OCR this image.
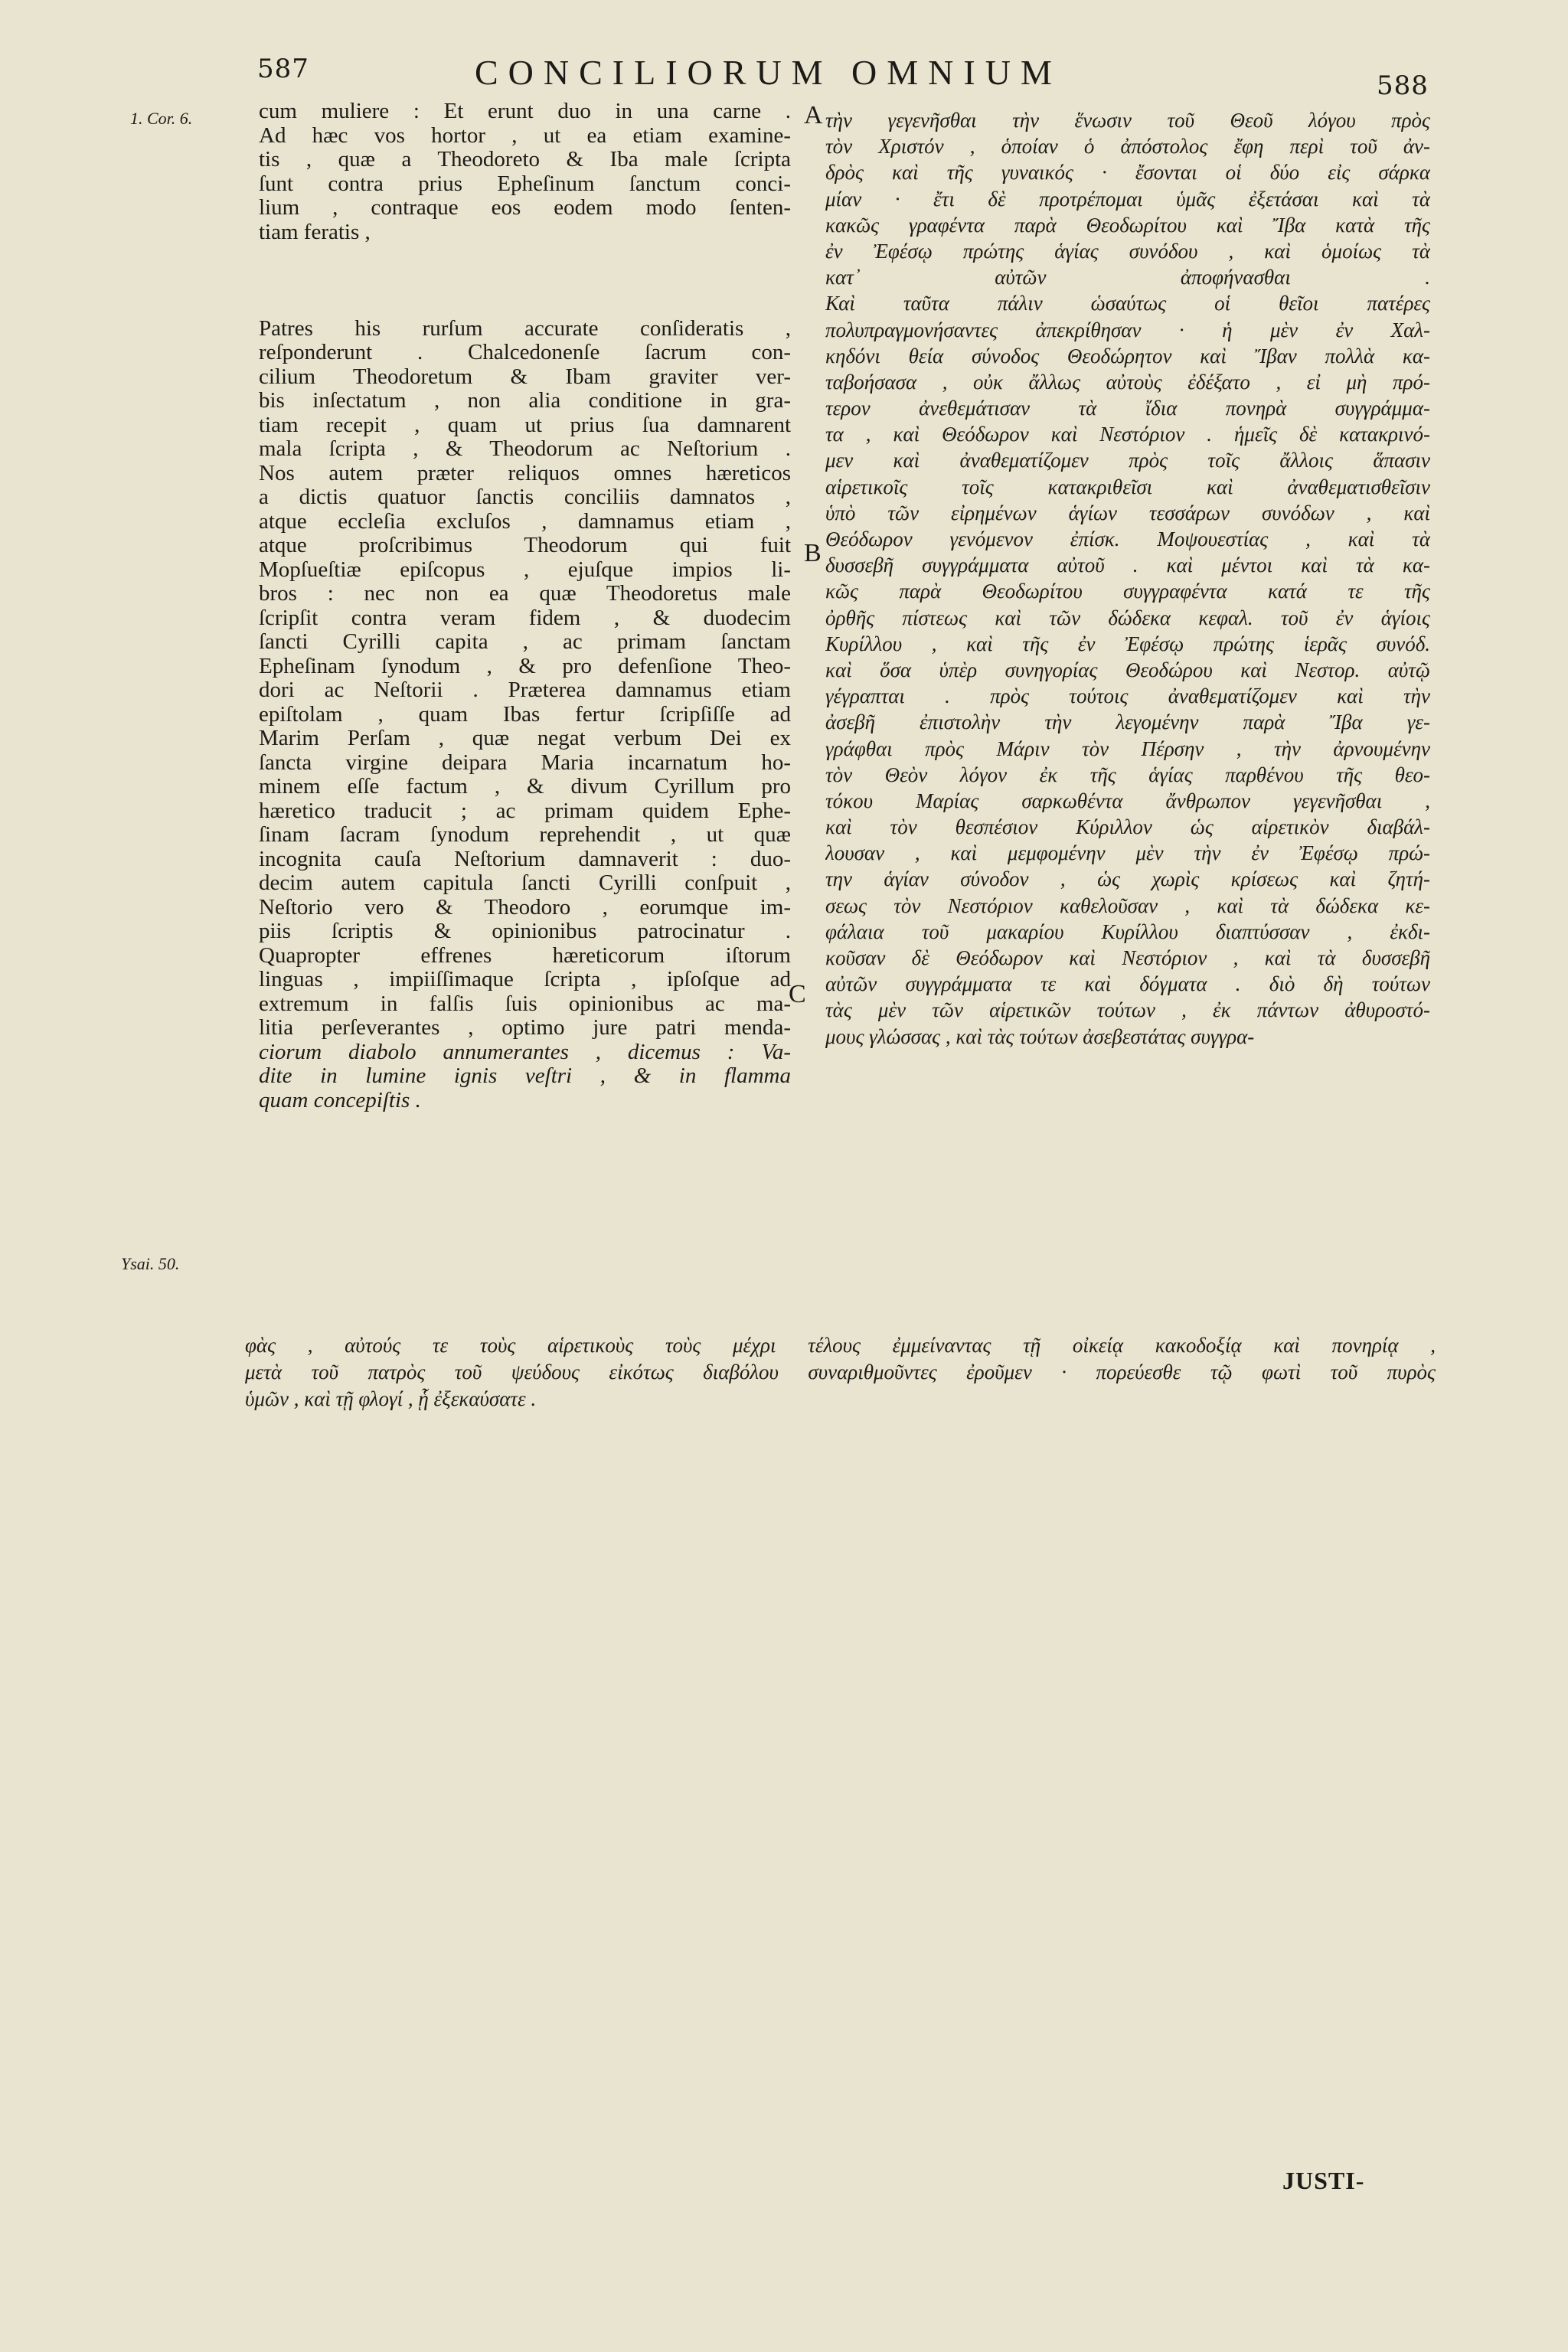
587	CONCILIORUM OMNIUM	588
1. Cor. 6.
Ysai. 50.
A
B
C
cum muliere : Et erunt duo in una carne .
Ad hæc vos hortor , ut ea etiam examine-
tis , quæ a Theodoreto & Iba male ſcripta
ſunt contra prius Epheſinum ſanctum conci-
lium , contraque eos eodem modo ſenten-
tiam feratis ,
Patres his rurſum accurate conſideratis ,
reſponderunt . Chalcedonenſe ſacrum con-
cilium Theodoretum & Ibam graviter ver-
bis inſectatum , non alia conditione in gra-
tiam recepit , quam ut prius ſua damnarent
mala ſcripta , & Theodorum ac Neſtorium .
Nos autem præter reliquos omnes hæreticos
a dictis quatuor ſanctis conciliis damnatos ,
atque eccleſia excluſos , damnamus etiam ,
atque proſcribimus Theodorum qui fuit
Mopſueſtiæ epiſcopus , ejuſque impios li-
bros : nec non ea quæ Theodoretus male
ſcripſit contra veram fidem , & duodecim
ſancti Cyrilli capita , ac primam ſanctam
Epheſinam ſynodum , & pro defenſione Theo-
dori ac Neſtorii . Præterea damnamus etiam
epiſtolam , quam Ibas fertur ſcripſiſſe ad
Marim Perſam , quæ negat verbum Dei ex
ſancta virgine deipara Maria incarnatum ho-
minem eſſe factum , & divum Cyrillum pro
hæretico traducit ; ac primam quidem Ephe-
ſinam ſacram ſynodum reprehendit , ut quæ
incognita cauſa Neſtorium damnaverit : duo-
decim autem capitula ſancti Cyrilli conſpuit ,
Neſtorio vero & Theodoro , eorumque im-
piis ſcriptis & opinionibus patrocinatur .
Quapropter effrenes hæreticorum iſtorum
linguas , impiiſſimaque ſcripta , ipſoſque ad
extremum in falſis ſuis opinionibus ac ma-
litia perſeverantes , optimo jure patri menda-
ciorum diabolo annumerantes , dicemus : Va-
dite in lumine ignis veſtri , & in flamma
quam concepiſtis .
τὴν γεγενῆσθαι τὴν ἕνωσιν τοῦ Θεοῦ λόγου πρὸς
τὸν Χριστόν , ὁποίαν ὁ ἀπόστολος ἔφη περὶ τοῦ ἀν-
δρὸς καὶ τῆς γυναικός · ἔσονται οἱ δύο εἰς σάρκα
μίαν · ἔτι δὲ προτρέπομαι ὑμᾶς ἐξετάσαι καὶ τὰ
κακῶς γραφέντα παρὰ Θεοδωρίτου καὶ Ἴβα κατὰ τῆς
ἐν Ἐφέσῳ πρώτης ἁγίας συνόδου , καὶ ὁμοίως τὰ
κατ᾽ αὐτῶν ἀποφήνασθαι .
Καὶ ταῦτα πάλιν ὡσαύτως οἱ θεῖοι πατέρες
πολυπραγμονήσαντες ἀπεκρίθησαν · ἡ μὲν ἐν Χαλ-
κηδόνι θεία σύνοδος Θεοδώρητον καὶ Ἴβαν πολλὰ κα-
ταβοήσασα , οὐκ ἄλλως αὐτοὺς ἐδέξατο , εἰ μὴ πρό-
τερον ἀνεθεμάτισαν τὰ ἴδια πονηρὰ συγγράμμα-
τα , καὶ Θεόδωρον καὶ Νεστόριον . ἡμεῖς δὲ κατακρινό-
μεν καὶ ἀναθεματίζομεν πρὸς τοῖς ἄλλοις ἅπασιν
αἱρετικοῖς τοῖς κατακριθεῖσι καὶ ἀναθεματισθεῖσιν
ὑπὸ τῶν εἰρημένων ἁγίων τεσσάρων συνόδων , καὶ
Θεόδωρον γενόμενον ἐπίσκ. Μοψουεστίας , καὶ τὰ
δυσσεβῆ συγγράμματα αὐτοῦ . καὶ μέντοι καὶ τὰ κα-
κῶς παρὰ Θεοδωρίτου συγγραφέντα κατά τε τῆς
ὀρθῆς πίστεως καὶ τῶν δώδεκα κεφαλ. τοῦ ἐν ἁγίοις
Κυρίλλου , καὶ τῆς ἐν Ἐφέσῳ πρώτης ἱερᾶς συνόδ.
καὶ ὅσα ὑπὲρ συνηγορίας Θεοδώρου καὶ Νεστορ. αὐτῷ
γέγραπται . πρὸς τούτοις ἀναθεματίζομεν καὶ τὴν
ἀσεβῆ ἐπιστολὴν τὴν λεγομένην παρὰ Ἴβα γε-
γράφθαι πρὸς Μάριν τὸν Πέρσην , τὴν ἀρνουμένην
τὸν Θεὸν λόγον ἐκ τῆς ἁγίας παρθένου τῆς θεο-
τόκου Μαρίας σαρκωθέντα ἄνθρωπον γεγενῆσθαι ,
καὶ τὸν θεσπέσιον Κύριλλον ὡς αἱρετικὸν διαβάλ-
λουσαν , καὶ μεμφομένην μὲν τὴν ἐν Ἐφέσῳ πρώ-
την ἁγίαν σύνοδον , ὡς χωρὶς κρίσεως καὶ ζητή-
σεως τὸν Νεστόριον καθελοῦσαν , καὶ τὰ δώδεκα κε-
φάλαια τοῦ μακαρίου Κυρίλλου διαπτύσσαν , ἐκδι-
κοῦσαν δὲ Θεόδωρον καὶ Νεστόριον , καὶ τὰ δυσσεβῆ
αὐτῶν συγγράμματα τε καὶ δόγματα . διὸ δὴ τούτων
τὰς μὲν τῶν αἱρετικῶν τούτων , ἐκ πάντων ἀθυροστό-
μους γλώσσας , καὶ τὰς τούτων ἀσεβεστάτας συγγρα-
φὰς , αὐτούς τε τοὺς αἱρετικοὺς τοὺς μέχρι τέλους ἐμμείναντας τῇ οἰκείᾳ κακοδοξίᾳ καὶ πονηρίᾳ ,
μετὰ τοῦ πατρὸς τοῦ ψεύδους εἰκότως διαβόλου συναριθμοῦντες ἐροῦμεν · πορεύεσθε τῷ φωτὶ τοῦ πυρὸς
ὑμῶν , καὶ τῇ φλογί , ᾗ ἐξεκαύσατε .
JUSTI-
